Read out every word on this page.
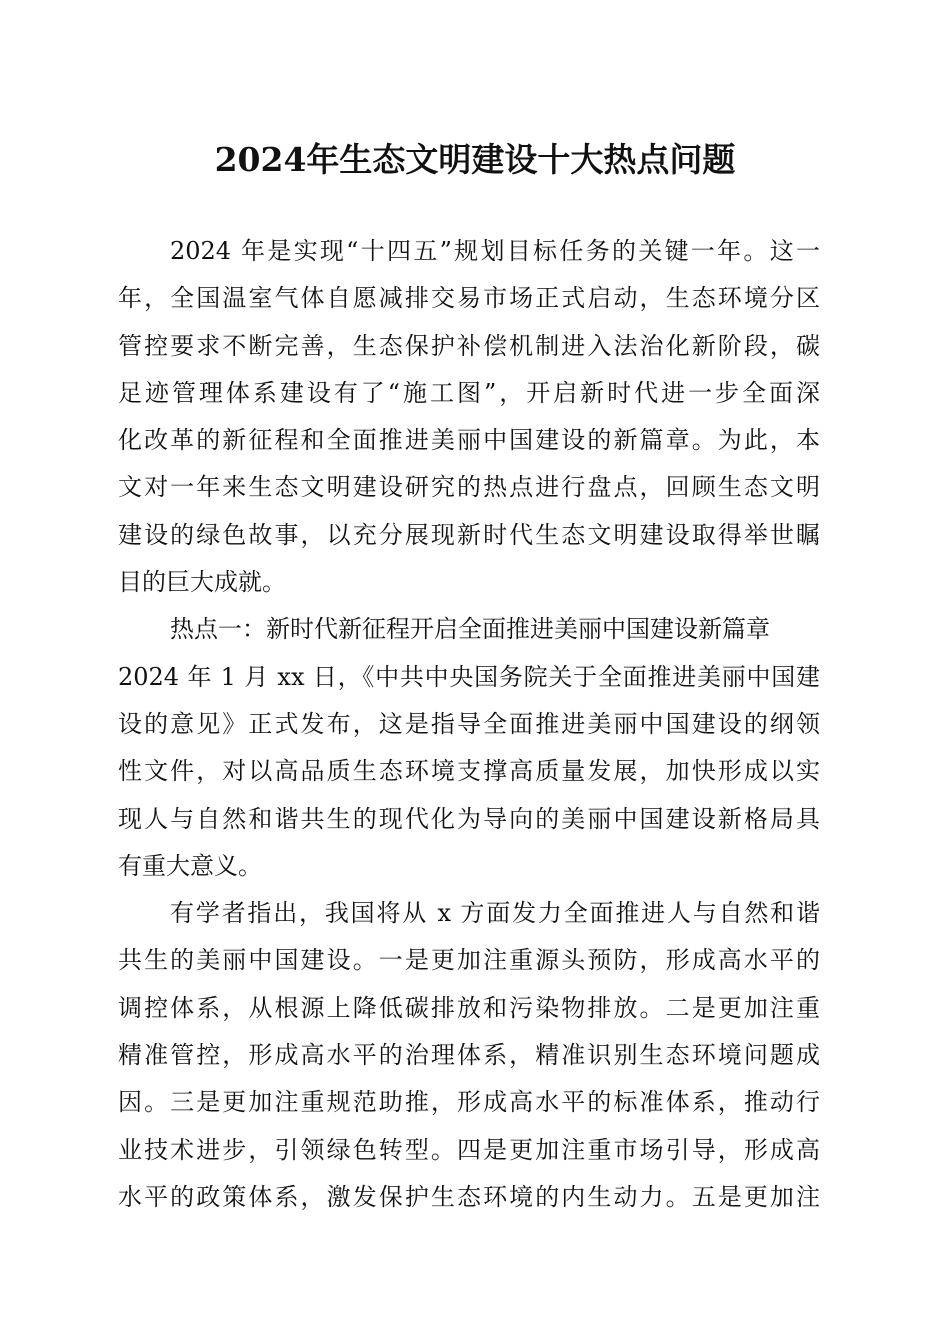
2024年生态文明建设十大热点问题
2024 年是实现“十四五”规划目标任务的关键一年。这一
年，全国温室气体自愿减排交易市场正式启动，生态环境分区
管控要求不断完善，生态保护补偿机制进入法治化新阶段，碳
足迹管理体系建设有了“施工图”，开启新时代进一步全面深
化改革的新征程和全面推进美丽中国建设的新篇章。为此，本
文对一年来生态文明建设研究的热点进行盘点，回顾生态文明
建设的绿色故事，以充分展现新时代生态文明建设取得举世瞩
目的巨大成就。
热点一：新时代新征程开启全面推进美丽中国建设新篇章
2024 年 1 月 xx 日，《中共中央国务院关于全面推进美丽中国建
设的意见》正式发布，这是指导全面推进美丽中国建设的纲领
性文件，对以高品质生态环境支撑高质量发展，加快形成以实
现人与自然和谐共生的现代化为导向的美丽中国建设新格局具
有重大意义。
有学者指出，我国将从 x 方面发力全面推进人与自然和谐
共生的美丽中国建设。一是更加注重源头预防，形成高水平的
调控体系，从根源上降低碳排放和污染物排放。二是更加注重
精准管控，形成高水平的治理体系，精准识别生态环境问题成
因。三是更加注重规范助推，形成高水平的标准体系，推动行
业技术进步，引领绿色转型。四是更加注重市场引导，形成高
水平的政策体系，激发保护生态环境的内生动力。五是更加注
